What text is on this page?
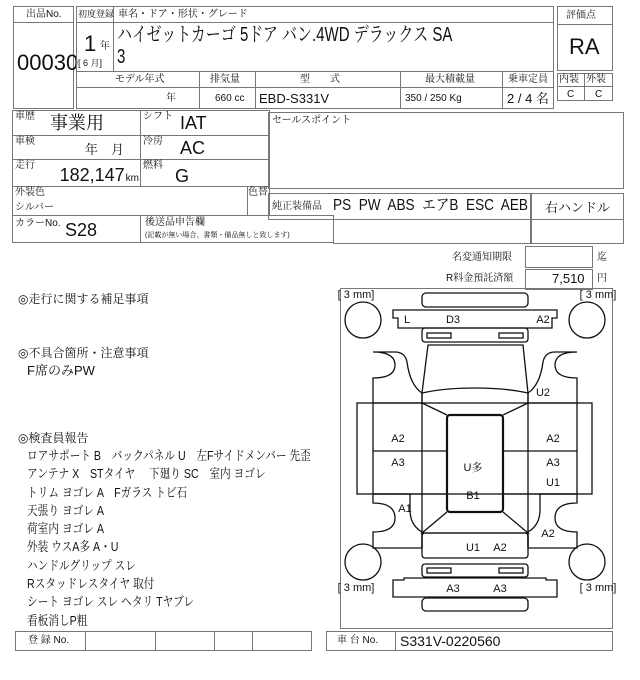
出品No.
00030
初度登録 車名・ドア・形状・グレード
1 年
[ 6 月]
ハイゼットカーゴ 5ドア バン.4WD デラックス SA
3
モデル年式	排気量	型　　式	最大積載量	乗車定員
年	660 cc EBD-S331V	350 / 250 Kg	2 / 4 名
評価点
RA
内装 外装
C C
車歴 事業用	シフト IAT
車検
年　月
冷房 AC
走行 182,147 km
燃料
G
外装色
シルバー
色替
カラーNo. S28	後送品申告欄
(記載が無い場合、書類・備品無しと致します)
セールスポイント
純正装備品 PS  PW  ABS  エアB  ESC  AEB 右ハンドル
名変通知期限	迄
R料金預託済額	7,510 円
◎走行に関する補足事項
◎不具合箇所・注意事項
F席のみPW
◎検査員報告
ロアサポート B　バックパネル U　左Fサイドメンバー 先歪
アンテナ X　STタイヤ　 下廻り SC　室内 ヨゴレ
トリム ヨゴレ A　Fガラス トビ石
天張り ヨゴレ A
荷室内 ヨゴレ A
外装 ウスA多 A・U
ハンドルグリップ スレ
Rスタッドレスタイヤ 取付
シート ヨゴレ スレ ヘタリ Tヤブレ
看板消しP粗
[ 3 mm]	[ 3 mm]
[ 3 mm]	[ 3 mm]
L	D3	A2
U2
A2
A3	U多
B1
A2
A3
U1
A1
A2
U1 A2
A3	A3
登 録 No.	車 台 No. S331V-0220560
